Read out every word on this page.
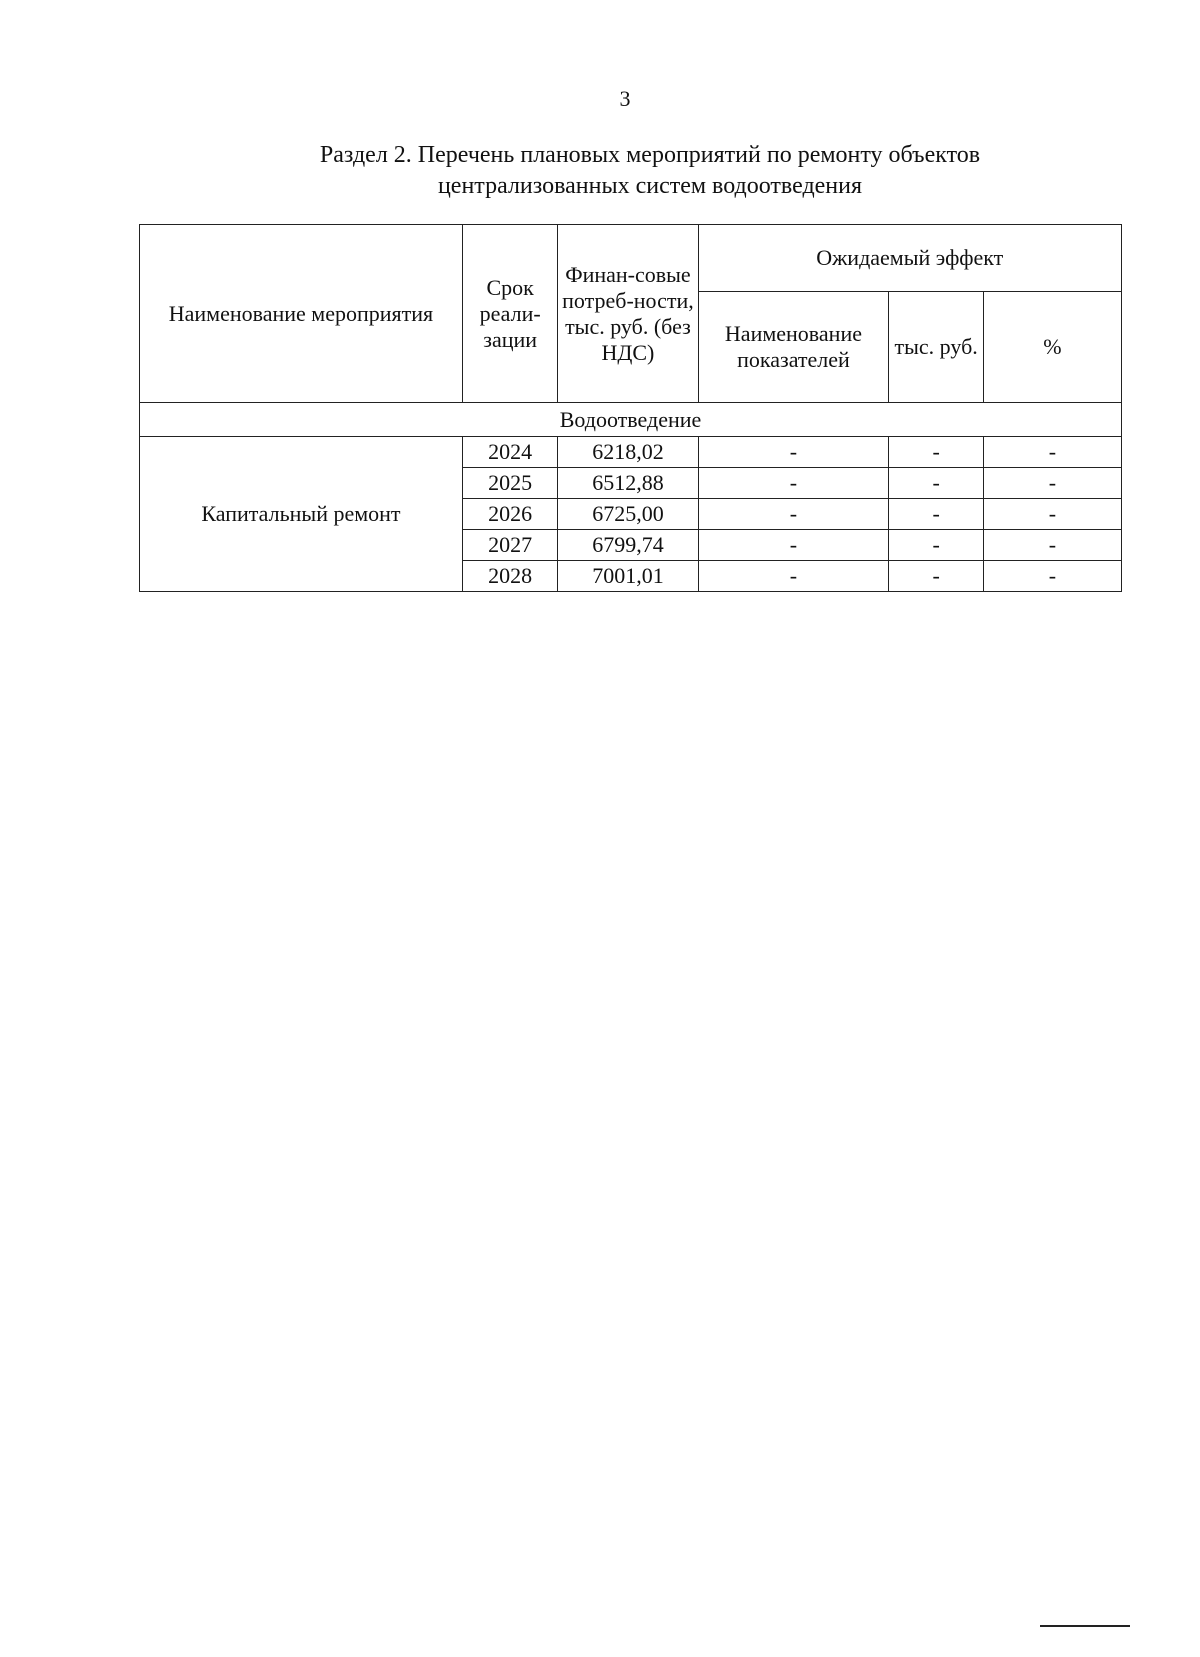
3
Раздел 2. Перечень плановых мероприятий по ремонту объектов
централизованных систем водоотведения
Наименование мероприятия	Срок реали-зации	Финан-совые потреб-ности, тыс. руб. (без НДС)	Ожидаемый эффект		
			Наименование показателей	тыс. руб.	%
Водоотведение					
Капитальный ремонт	2024	6218,02	-	-	-
	2025	6512,88	-	-	-
	2026	6725,00	-	-	-
	2027	6799,74	-	-	-
	2028	7001,01	-	-	-
